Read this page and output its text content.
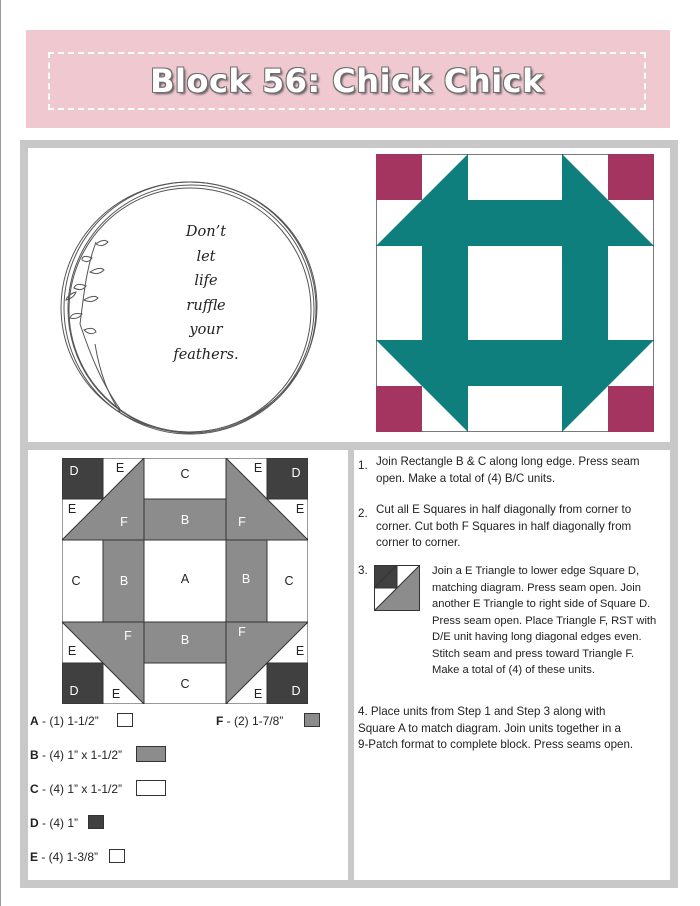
Block 56: Chick Chick
Don’t
let
life
ruffle
your
feathers.
D	D
D	D
E
E
E
E
E
E	E
E
C
C	C
C
F	F
F	F
B
B	B
B
A
A - (1) 1-1/2”	F - (2) 1-7/8”
B - (4) 1” x 1-1/2”
C - (4) 1” x 1-1/2”
D - (4) 1”
E - (4) 1-3/8”
1. Join Rectangle B & C along long edge. Press seam
open. Make a total of (4) B/C units.
2. Cut all E Squares in half diagonally from corner to
corner. Cut both F Squares in half diagonally from
corner to corner.
3.	Join a E Triangle to lower edge Square D,
matching diagram. Press seam open. Join
another E Triangle to right side of Square D.
Press seam open. Place Triangle F, RST with
D/E unit having long diagonal edges even.
Stitch seam and press toward Triangle F.
Make a total of (4) of these units.
4. Place units from Step 1 and Step 3 along with
Square A to match diagram. Join units together in a
9-Patch format to complete block. Press seams open.
